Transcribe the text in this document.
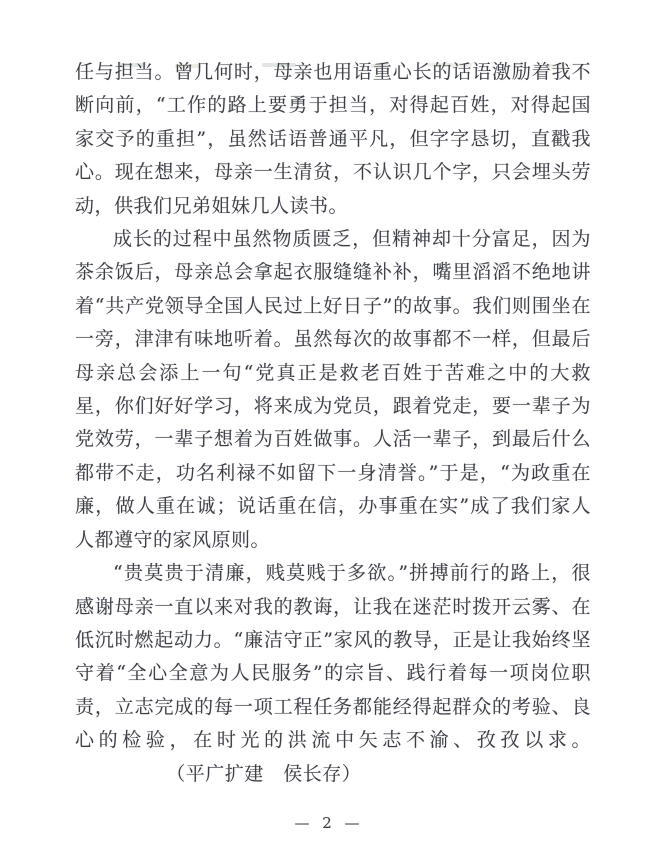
任与担当。曾几何时，母亲也用语重心长的话语激励着我不断向前，“工作的路上要勇于担当，对得起百姓，对得起国家交予的重担”，虽然话语普通平凡，但字字恳切，直戳我心。现在想来，母亲一生清贫，不认识几个字，只会埋头劳动，供我们兄弟姐妹几人读书。

成长的过程中虽然物质匮乏，但精神却十分富足，因为茶余饭后，母亲总会拿起衣服缝缝补补，嘴里滔滔不绝地讲着“共产党领导全国人民过上好日子”的故事。我们则围坐在一旁，津津有味地听着。虽然每次的故事都不一样，但最后母亲总会添上一句“党真正是救老百姓于苦难之中的大救星，你们好好学习，将来成为党员，跟着党走，要一辈子为党效劳，一辈子想着为百姓做事。人活一辈子，到最后什么都带不走，功名利禄不如留下一身清誉。”于是，“为政重在廉，做人重在诚；说话重在信，办事重在实”成了我们家人人都遵守的家风原则。

“贵莫贵于清廉，贱莫贱于多欲。”拼搏前行的路上，很感谢母亲一直以来对我的教诲，让我在迷茫时拨开云雾、在低沉时燃起动力。“廉洁守正”家风的教导，正是让我始终坚守着“全心全意为人民服务”的宗旨、践行着每一项岗位职责，立志完成的每一项工程任务都能经得起群众的考验、良心的检验，在时光的洪流中矢志不渝、孜孜以求。（平广扩建　侯长存）

— 2 —
